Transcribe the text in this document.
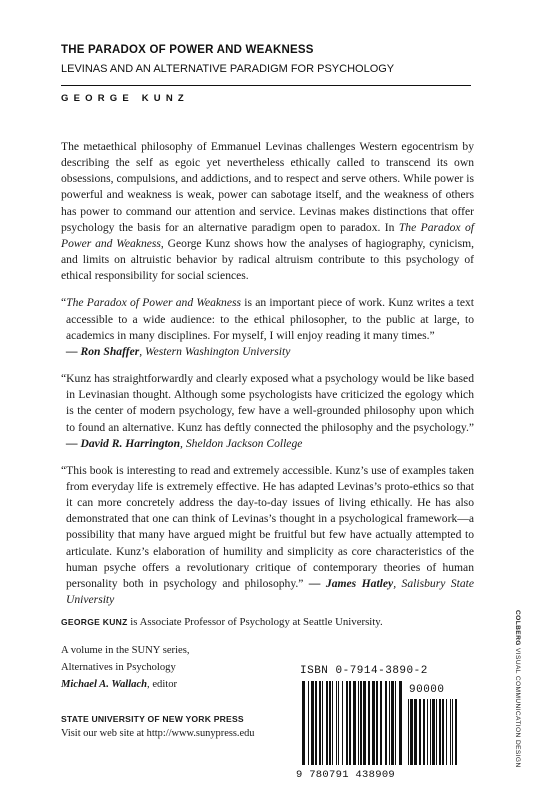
THE PARADOX OF POWER AND WEAKNESS
LEVINAS AND AN ALTERNATIVE PARADIGM FOR PSYCHOLOGY
GEORGE KUNZ

The metaethical philosophy of Emmanuel Levinas challenges Western egocentrism by describing the self as egoic yet nevertheless ethically called to transcend its own obsessions, compulsions, and addictions, and to respect and serve others. While power is powerful and weakness is weak, power can sabotage itself, and the weakness of others has power to command our attention and service. Levinas makes distinctions that offer psychology the basis for an alternative paradigm open to paradox. In The Paradox of Power and Weakness, George Kunz shows how the analyses of hagiography, cynicism, and limits on altruistic behavior by radical altruism contribute to this psychology of ethical responsibility for social sciences.

“The Paradox of Power and Weakness is an important piece of work. Kunz writes a text accessible to a wide audience: to the ethical philosopher, to the public at large, to academics in many disciplines. For myself, I will enjoy reading it many times.”
— Ron Shaffer, Western Washington University

“Kunz has straightforwardly and clearly exposed what a psychology would be like based in Levinasian thought. Although some psychologists have criticized the egology which is the center of modern psychology, few have a well-grounded philosophy upon which to found an alternative. Kunz has deftly connected the philosophy and the psychology.” — David R. Harrington, Sheldon Jackson College

“This book is interesting to read and extremely accessible. Kunz’s use of examples taken from everyday life is extremely effective. He has adapted Levinas’s proto-ethics so that it can more concretely address the day-to-day issues of living ethically. He has also demonstrated that one can think of Levinas’s thought in a psychological framework—a possibility that many have argued might be fruitful but few have actually attempted to articulate. Kunz’s elaboration of humility and simplicity as core characteristics of the human psyche offers a revolutionary critique of contemporary theories of human personality both in psychology and philosophy.” — James Hatley, Salisbury State University

GEORGE KUNZ is Associate Professor of Psychology at Seattle University.
A volume in the SUNY series,
Alternatives in Psychology
Michael A. Wallach, editor
STATE UNIVERSITY OF NEW YORK PRESS
Visit our web site at http://www.sunypress.edu
ISBN 0-7914-3890-2
90000
9 780791 438909
COLBERG VISUAL COMMUNICATION DESIGN
